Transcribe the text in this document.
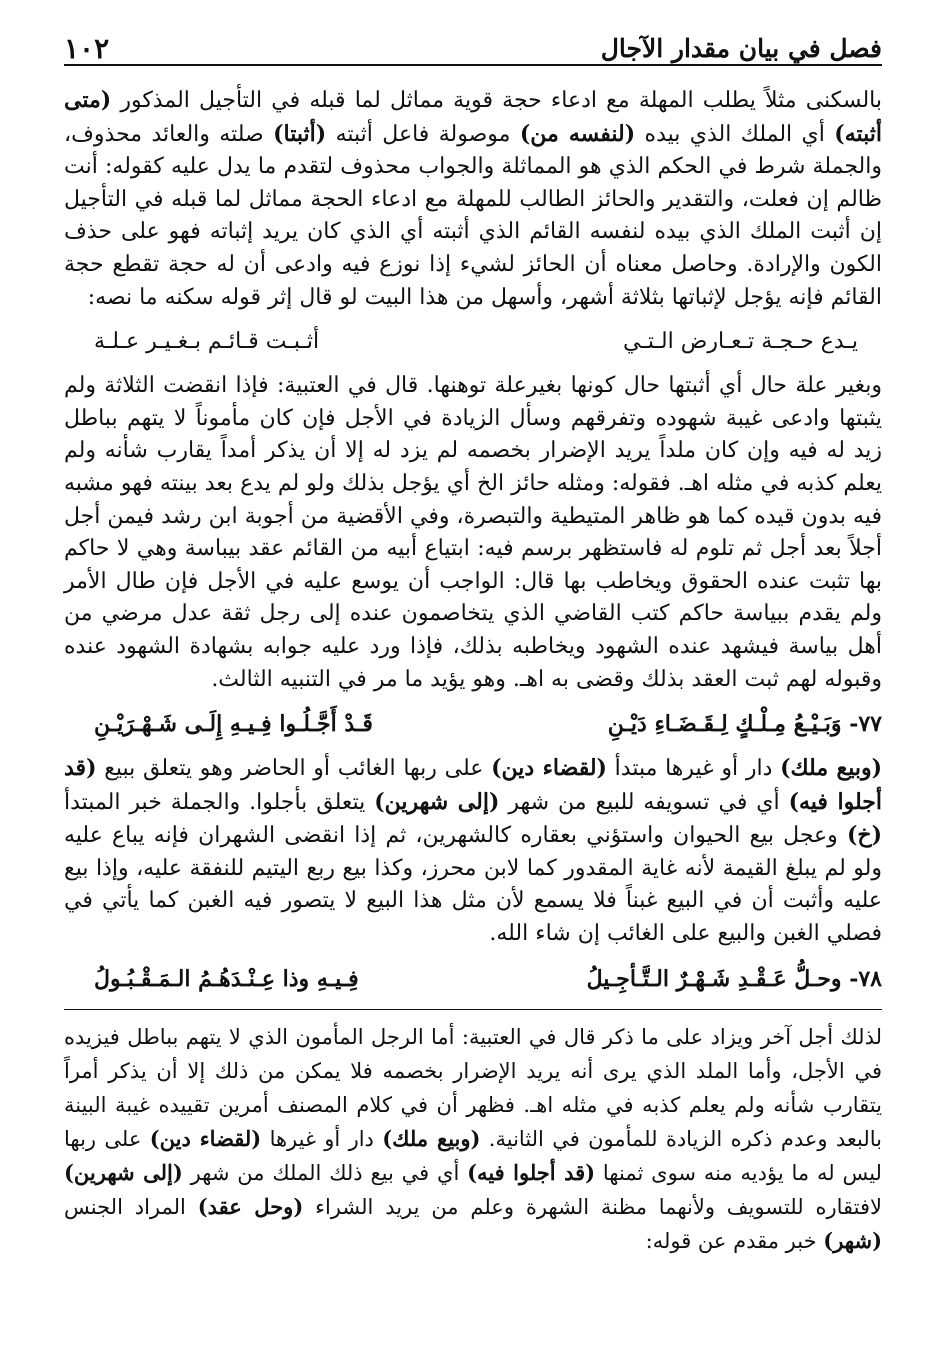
فصل في بيان مقدار الآجال
١٠٢

بالسكنى مثلاً يطلب المهلة مع ادعاء حجة قوية مماثل لما قبله في التأجيل المذكور (متى أثبته) أي الملك الذي بيده (لنفسه من) موصولة فاعل أثبته (أثبتا) صلته والعائد محذوف، والجملة شرط في الحكم الذي هو المماثلة والجواب محذوف لتقدم ما يدل عليه كقوله: أنت ظالم إن فعلت، والتقدير والحائز الطالب للمهلة مع ادعاء الحجة مماثل لما قبله في التأجيل إن أثبت الملك الذي بيده لنفسه القائم الذي أثبته أي الذي كان يريد إثباته فهو على حذف الكون والإرادة. وحاصل معناه أن الحائز لشيء إذا نوزع فيه وادعى أن له حجة تقطع حجة القائم فإنه يؤجل لإثباتها بثلاثة أشهر، وأسهل من هذا البيت لو قال إثر قوله سكنه ما نصه:

يـدع حـجـة تـعـارض الـتـي
أثـبـت قـائـم بـغـيـر عـلـة

وبغير علة حال أي أثبتها حال كونها بغيرعلة توهنها. قال في العتبية: فإذا انقضت الثلاثة ولم يثبتها وادعى غيبة شهوده وتفرقهم وسأل الزيادة في الأجل فإن كان مأموناً لا يتهم بباطل زيد له فيه وإن كان ملداً يريد الإضرار بخصمه لم يزد له إلا أن يذكر أمداً يقارب شأنه ولم يعلم كذبه في مثله اهـ. فقوله: ومثله حائز الخ أي يؤجل بذلك ولو لم يدع بعد بينته فهو مشبه فيه بدون قيده كما هو ظاهر المتيطية والتبصرة، وفي الأقضية من أجوبة ابن رشد فيمن أجل أجلاً بعد أجل ثم تلوم له فاستظهر برسم فيه: ابتياع أبيه من القائم عقد بيباسة وهي لا حاكم بها تثبت عنده الحقوق ويخاطب بها قال: الواجب أن يوسع عليه في الأجل فإن طال الأمر ولم يقدم ببياسة حاكم كتب القاضي الذي يتخاصمون عنده إلى رجل ثقة عدل مرضي من أهل بياسة فيشهد عنده الشهود ويخاطبه بذلك، فإذا ورد عليه جوابه بشهادة الشهود عنده وقبوله لهم ثبت العقد بذلك وقضى به اهـ. وهو يؤيد ما مر في التنبيه الثالث.

٧٧- وَبَـيْـعُ مِـلْـكٍ لِـقَـضَـاءِ دَيْـنِ
قَـدْ أَجَّـلُـوا فِـيـهِ إِلَـى شَـهْـرَيْـنِ

(وبيع ملك) دار أو غيرها مبتدأ (لقضاء دين) على ربها الغائب أو الحاضر وهو يتعلق ببيع (قد أجلوا فيه) أي في تسويفه للبيع من شهر (إلى شهرين) يتعلق بأجلوا. والجملة خبر المبتدأ (خ) وعجل بيع الحيوان واستؤني بعقاره كالشهرين، ثم إذا انقضى الشهران فإنه يباع عليه ولو لم يبلغ القيمة لأنه غاية المقدور كما لابن محرز، وكذا بيع ربع اليتيم للنفقة عليه، وإذا بيع عليه وأثبت أن في البيع غبناً فلا يسمع لأن مثل هذا البيع لا يتصور فيه الغبن كما يأتي في فصلي الغبن والبيع على الغائب إن شاء الله.

٧٨- وحـلُّ عَـقْـدِ شَـهْـرٌ الـتَّـأجِـيلُ
فِـيـهِ وذا عِـنْـدَهُـمُ الـمَـقْـبُـولُ

لذلك أجل آخر ويزاد على ما ذكر قال في العتبية: أما الرجل المأمون الذي لا يتهم بباطل فيزيده في الأجل، وأما الملد الذي يرى أنه يريد الإضرار بخصمه فلا يمكن من ذلك إلا أن يذكر أمراً يتقارب شأنه ولم يعلم كذبه في مثله اهـ. فظهر أن في كلام المصنف أمرين تقييده غيبة البينة بالبعد وعدم ذكره الزيادة للمأمون في الثانية. (وبيع ملك) دار أو غيرها (لقضاء دين) على ربها ليس له ما يؤديه منه سوى ثمنها (قد أجلوا فيه) أي في بيع ذلك الملك من شهر (إلى شهرين) لافتقاره للتسويف ولأنهما مظنة الشهرة وعلم من يريد الشراء (وحل عقد) المراد الجنس (شهر) خبر مقدم عن قوله:
